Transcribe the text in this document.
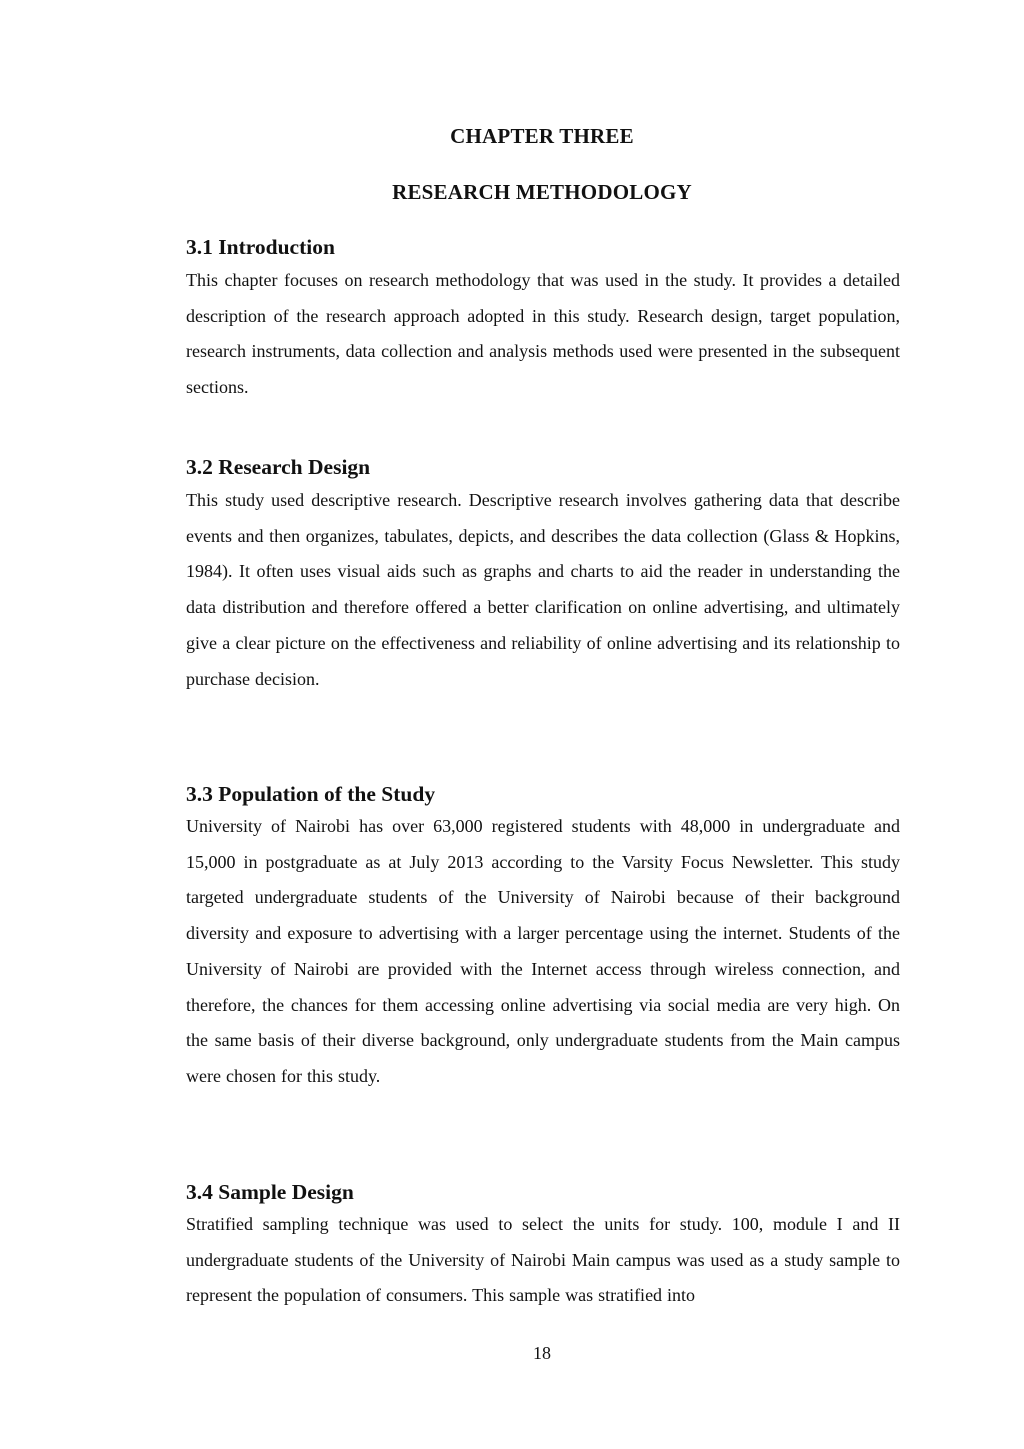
CHAPTER THREE
RESEARCH METHODOLOGY
3.1 Introduction

This chapter focuses on research methodology that was used in the study. It provides a detailed description of the research approach adopted in this study. Research design, target population, research instruments, data collection and analysis methods used were presented in the subsequent sections.

3.2 Research Design

This study used descriptive research. Descriptive research involves gathering data that describe events and then organizes, tabulates, depicts, and describes the data collection (Glass & Hopkins, 1984). It often uses visual aids such as graphs and charts to aid the reader in understanding the data distribution and therefore offered a better clarification on online advertising, and ultimately give a clear picture on the effectiveness and reliability of online advertising and its relationship to purchase decision.

3.3 Population of the Study

University of Nairobi has over 63,000 registered students with 48,000 in undergraduate and 15,000 in postgraduate as at July 2013 according to the Varsity Focus Newsletter. This study targeted undergraduate students of the University of Nairobi because of their background diversity and exposure to advertising with a larger percentage using the internet. Students of the University of Nairobi are provided with the Internet access through wireless connection, and therefore, the chances for them accessing online advertising via social media are very high. On the same basis of their diverse background, only undergraduate students from the Main campus were chosen for this study.

3.4 Sample Design

Stratified sampling technique was used to select the units for study. 100, module I and II undergraduate students of the University of Nairobi Main campus was used as a study sample to represent the population of consumers. This sample was stratified into

18
